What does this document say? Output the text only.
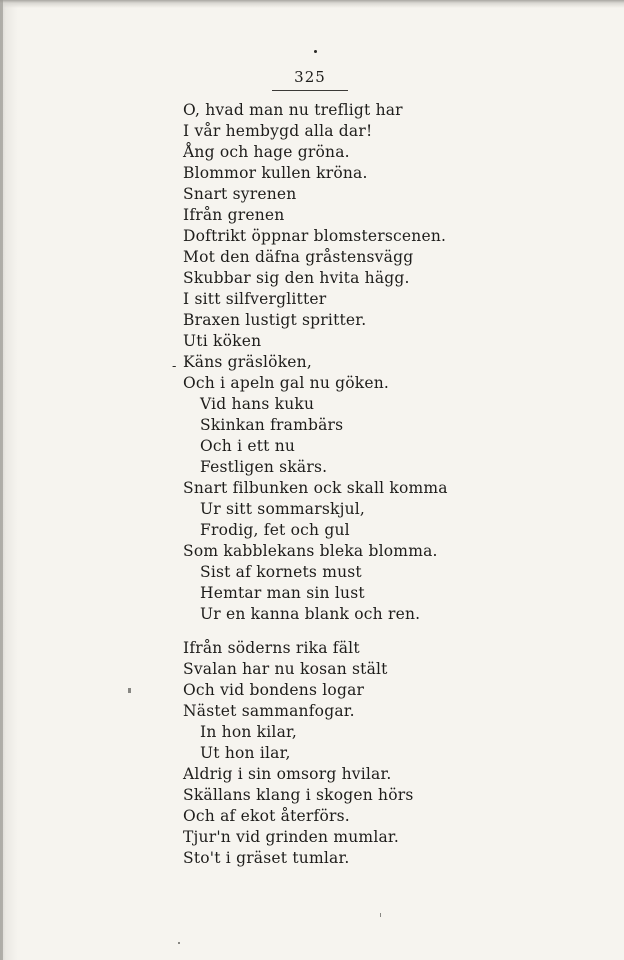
325
O, hvad man nu trefligt har
I vår hembygd alla dar!
Ång och hage gröna.
Blommor kullen kröna.
Snart syrenen
Ifrån grenen
Doftrikt öppnar blomsterscenen.
Mot den däfna gråstensvägg
Skubbar sig den hvita hägg.
I sitt silfverglitter
Braxen lustigt spritter.
Uti köken
Käns gräslöken,
Och i apeln gal nu göken.
Vid hans kuku
Skinkan frambärs
Och i ett nu
Festligen skärs.
Snart filbunken ock skall komma
Ur sitt sommarskjul,
Frodig, fet och gul
Som kabblekans bleka blomma.
Sist af kornets must
Hemtar man sin lust
Ur en kanna blank och ren.
Ifrån söderns rika fält
Svalan har nu kosan stält
Och vid bondens logar
Nästet sammanfogar.
In hon kilar,
Ut hon ilar,
Aldrig i sin omsorg hvilar.
Skällans klang i skogen hörs
Och af ekot återförs.
Tjur'n vid grinden mumlar.
Sto't i gräset tumlar.
-
